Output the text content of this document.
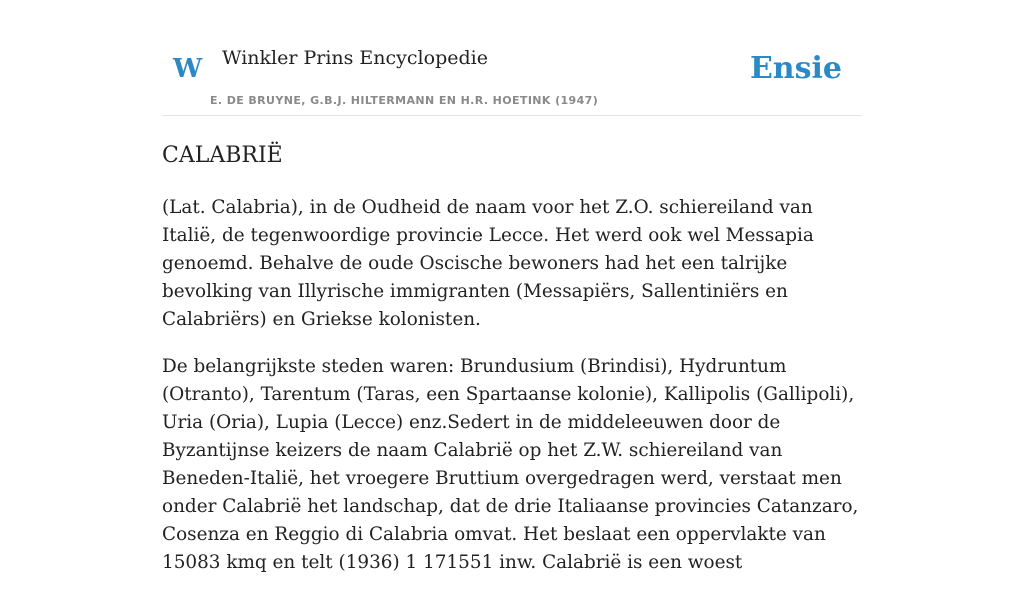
W Winkler Prins Encyclopedie
E. DE BRUYNE, G.B.J. HILTERMANN EN H.R. HOETINK (1947)
Ensie
CALABRIË

(Lat. Calabria), in de Oudheid de naam voor het Z.O. schiereiland van Italië, de tegenwoordige provincie Lecce. Het werd ook wel Messapia genoemd. Behalve de oude Oscische bewoners had het een talrijke bevolking van Illyrische immigranten (Messapiërs, Sallentiniërs en Calabriërs) en Griekse kolonisten.

De belangrijkste steden waren: Brundusium (Brindisi), Hydruntum (Otranto), Tarentum (Taras, een Spartaanse kolonie), Kallipolis (Gallipoli), Uria (Oria), Lupia (Lecce) enz.Sedert in de middeleeuwen door de Byzantijnse keizers de naam Calabrië op het Z.W. schiereiland van Beneden-Italië, het vroegere Bruttium overgedragen werd, verstaat men onder Calabrië het landschap, dat de drie Italiaanse provincies Catanzaro, Cosenza en Reggio di Calabria omvat. Het beslaat een oppervlakte van 15083 kmq en telt (1936) 1 171551 inw. Calabrië is een woest
